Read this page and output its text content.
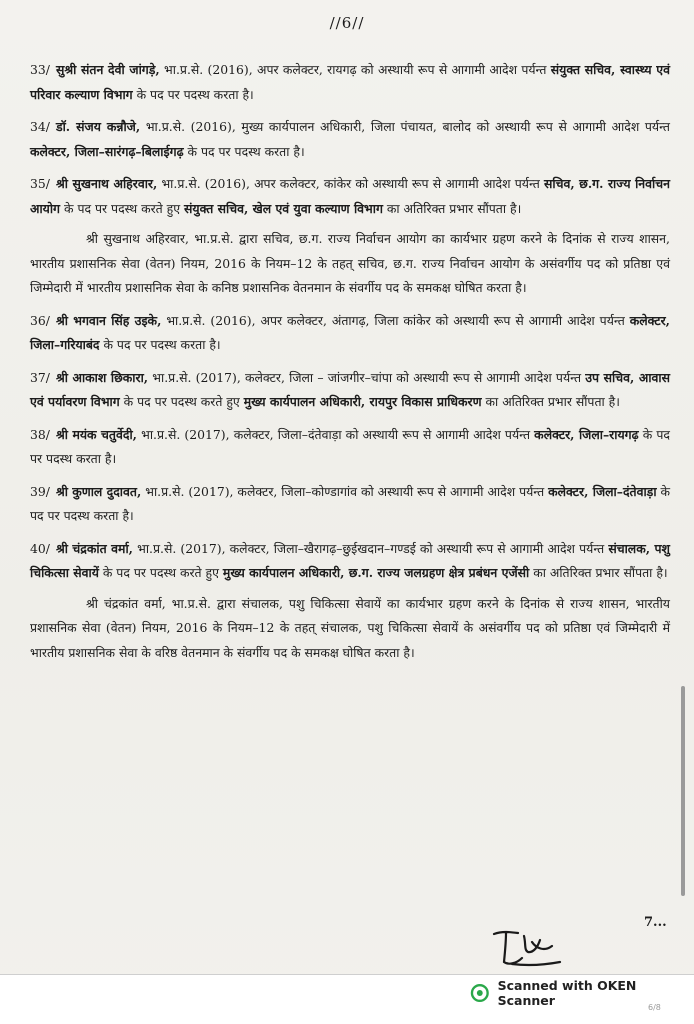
//6//

33/ सुश्री संतन देवी जांगड़े, भा.प्र.से. (2016), अपर कलेक्टर, रायगढ़ को अस्थायी रूप से आगामी आदेश पर्यन्त संयुक्त सचिव, स्वास्थ्य एवं परिवार कल्याण विभाग के पद पर पदस्थ करता है।

34/ डॉ. संजय कन्नौजे, भा.प्र.से. (2016), मुख्य कार्यपालन अधिकारी, जिला पंचायत, बालोद को अस्थायी रूप से आगामी आदेश पर्यन्त कलेक्टर, जिला–सारंगढ़–बिलाईगढ़ के पद पर पदस्थ करता है।

35/ श्री सुखनाथ अहिरवार, भा.प्र.से. (2016), अपर कलेक्टर, कांकेर को अस्थायी रूप से आगामी आदेश पर्यन्त सचिव, छ.ग. राज्य निर्वाचन आयोग के पद पर पदस्थ करते हुए संयुक्त सचिव, खेल एवं युवा कल्याण विभाग का अतिरिक्त प्रभार सौंपता है।

श्री सुखनाथ अहिरवार, भा.प्र.से. द्वारा सचिव, छ.ग. राज्य निर्वाचन आयोग का कार्यभार ग्रहण करने के दिनांक से राज्य शासन, भारतीय प्रशासनिक सेवा (वेतन) नियम, 2016 के नियम–12 के तहत् सचिव, छ.ग. राज्य निर्वाचन आयोग के असंवर्गीय पद को प्रतिष्ठा एवं जिम्मेदारी में भारतीय प्रशासनिक सेवा के कनिष्ठ प्रशासनिक वेतनमान के संवर्गीय पद के समकक्ष घोषित करता है।

36/ श्री भगवान सिंह उइके, भा.प्र.से. (2016), अपर कलेक्टर, अंतागढ़, जिला कांकेर को अस्थायी रूप से आगामी आदेश पर्यन्त कलेक्टर, जिला–गरियाबंद के पद पर पदस्थ करता है।

37/ श्री आकाश छिकारा, भा.प्र.से. (2017), कलेक्टर, जिला – जांजगीर–चांपा को अस्थायी रूप से आगामी आदेश पर्यन्त उप सचिव, आवास एवं पर्यावरण विभाग के पद पर पदस्थ करते हुए मुख्य कार्यपालन अधिकारी, रायपुर विकास प्राधिकरण का अतिरिक्त प्रभार सौंपता है।

38/ श्री मयंक चतुर्वेदी, भा.प्र.से. (2017), कलेक्टर, जिला–दंतेवाड़ा को अस्थायी रूप से आगामी आदेश पर्यन्त कलेक्टर, जिला–रायगढ़ के पद पर पदस्थ करता है।

39/ श्री कुणाल दुदावत, भा.प्र.से. (2017), कलेक्टर, जिला–कोण्डागांव को अस्थायी रूप से आगामी आदेश पर्यन्त कलेक्टर, जिला–दंतेवाड़ा के पद पर पदस्थ करता है।

40/ श्री चंद्रकांत वर्मा, भा.प्र.से. (2017), कलेक्टर, जिला–खैरागढ़–छुईखदान–गण्डई को अस्थायी रूप से आगामी आदेश पर्यन्त संचालक, पशु चिकित्सा सेवायें के पद पर पदस्थ करते हुए मुख्य कार्यपालन अधिकारी, छ.ग. राज्य जलग्रहण क्षेत्र प्रबंधन एजेंसी का अतिरिक्त प्रभार सौंपता है।

श्री चंद्रकांत वर्मा, भा.प्र.से. द्वारा संचालक, पशु चिकित्सा सेवायें का कार्यभार ग्रहण करने के दिनांक से राज्य शासन, भारतीय प्रशासनिक सेवा (वेतन) नियम, 2016 के नियम–12 के तहत् संचालक, पशु चिकित्सा सेवायें के असंवर्गीय पद को प्रतिष्ठा एवं जिम्मेदारी में भारतीय प्रशासनिक सेवा के वरिष्ठ वेतनमान के संवर्गीय पद के समकक्ष घोषित करता है।

7...
Scanned with OKEN Scanner	6/8
